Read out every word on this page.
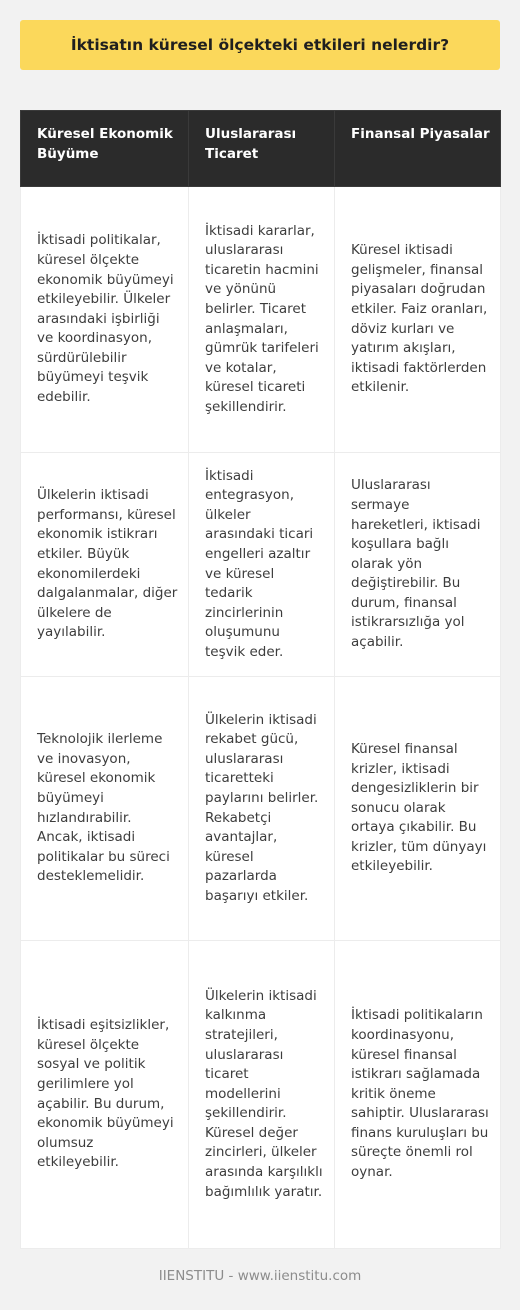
İktisatın küresel ölçekteki etkileri nelerdir?
Küresel Ekonomik Büyüme	Uluslararası Ticaret	Finansal Piyasalar
İktisadi politikalar, küresel ölçekte ekonomik büyümeyi etkileyebilir. Ülkeler arasındaki işbirliği ve koordinasyon, sürdürülebilir büyümeyi teşvik edebilir.	İktisadi kararlar, uluslararası ticaretin hacmini ve yönünü belirler. Ticaret anlaşmaları, gümrük tarifeleri ve kotalar, küresel ticareti şekillendirir.	Küresel iktisadi gelişmeler, finansal piyasaları doğrudan etkiler. Faiz oranları, döviz kurları ve yatırım akışları, iktisadi faktörlerden etkilenir.
Ülkelerin iktisadi performansı, küresel ekonomik istikrarı etkiler. Büyük ekonomilerdeki dalgalanmalar, diğer ülkelere de yayılabilir.	İktisadi entegrasyon, ülkeler arasındaki ticari engelleri azaltır ve küresel tedarik zincirlerinin oluşumunu teşvik eder.	Uluslararası sermaye hareketleri, iktisadi koşullara bağlı olarak yön değiştirebilir. Bu durum, finansal istikrarsızlığa yol açabilir.
Teknolojik ilerleme ve inovasyon, küresel ekonomik büyümeyi hızlandırabilir. Ancak, iktisadi politikalar bu süreci desteklemelidir.	Ülkelerin iktisadi rekabet gücü, uluslararası ticaretteki paylarını belirler. Rekabetçi avantajlar, küresel pazarlarda başarıyı etkiler.	Küresel finansal krizler, iktisadi dengesizliklerin bir sonucu olarak ortaya çıkabilir. Bu krizler, tüm dünyayı etkileyebilir.
İktisadi eşitsizlikler, küresel ölçekte sosyal ve politik gerilimlere yol açabilir. Bu durum, ekonomik büyümeyi olumsuz etkileyebilir.	Ülkelerin iktisadi kalkınma stratejileri, uluslararası ticaret modellerini şekillendirir. Küresel değer zincirleri, ülkeler arasında karşılıklı bağımlılık yaratır.	İktisadi politikaların koordinasyonu, küresel finansal istikrarı sağlamada kritik öneme sahiptir. Uluslararası finans kuruluşları bu süreçte önemli rol oynar.
IIENSTITU - www.iienstitu.com
